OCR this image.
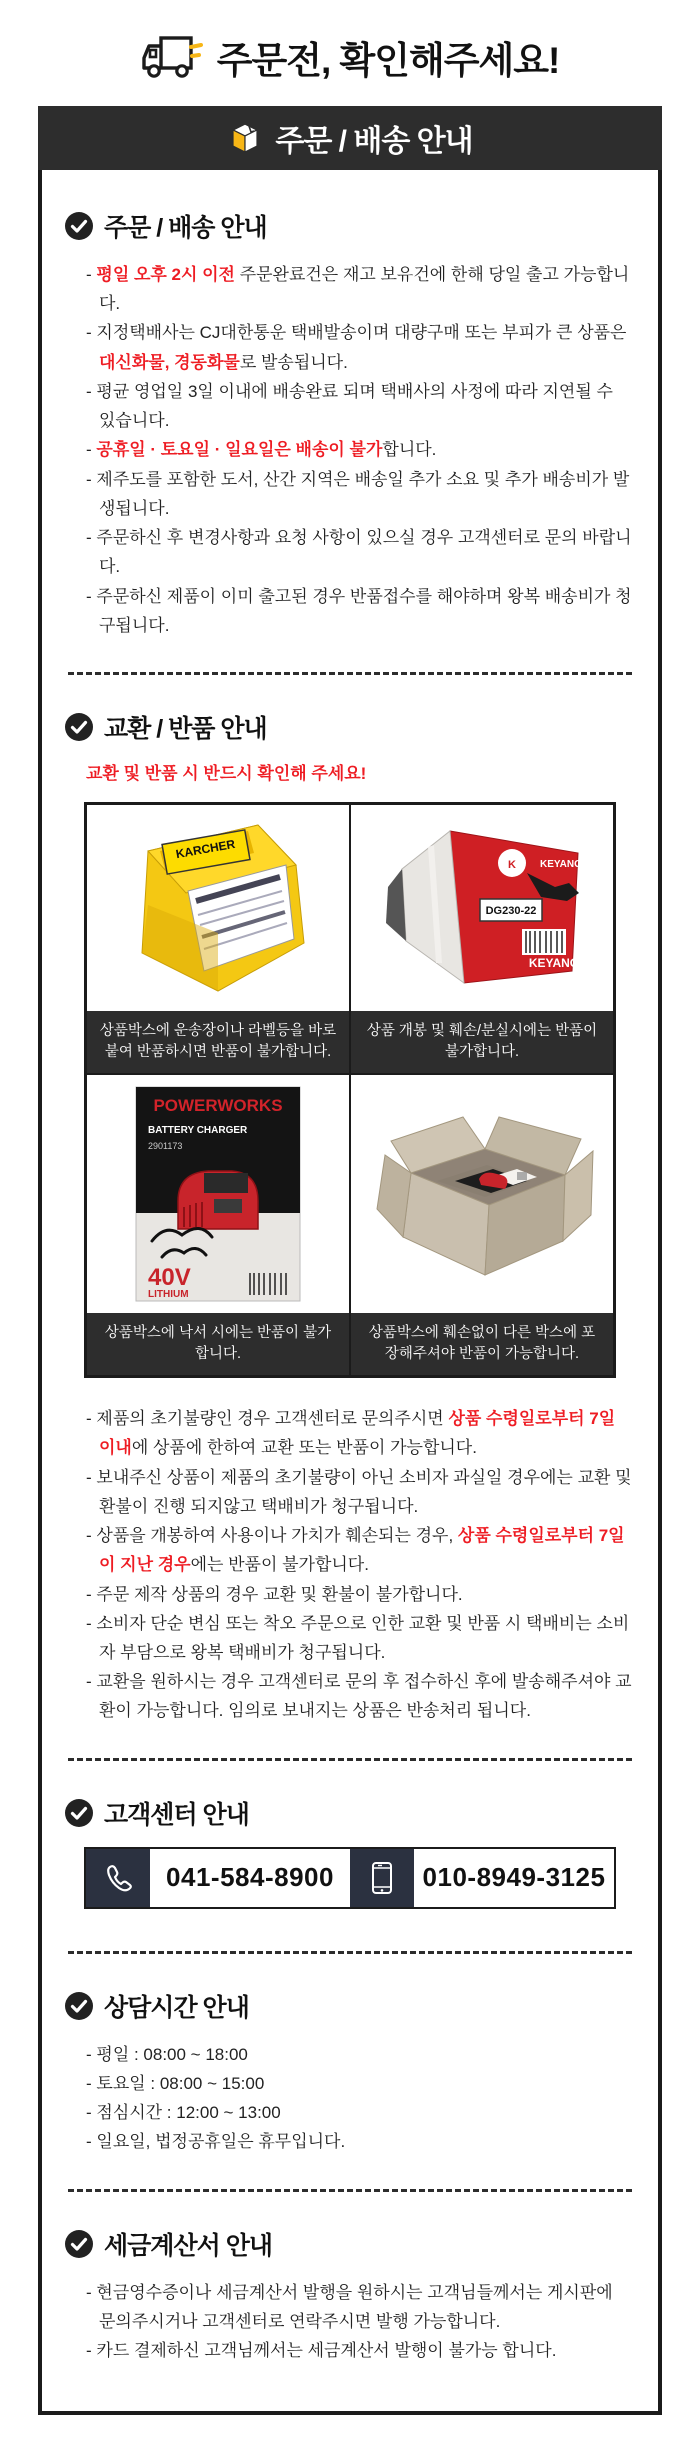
주문전, 확인해주세요!
주문 / 배송 안내
주문 / 배송 안내
- 평일 오후 2시 이전 주문완료건은 재고 보유건에 한해 당일 출고 가능합니다.
- 지정택배사는 CJ대한통운 택배발송이며 대량구매 또는 부피가 큰 상품은 대신화물, 경동화물로 발송됩니다.
- 평균 영업일 3일 이내에 배송완료 되며 택배사의 사정에 따라 지연될 수 있습니다.
- 공휴일 · 토요일 · 일요일은 배송이 불가합니다.
- 제주도를 포함한 도서, 산간 지역은 배송일 추가 소요 및 추가 배송비가 발생됩니다.
- 주문하신 후 변경사항과 요청 사항이 있으실 경우 고객센터로 문의 바랍니다.
- 주문하신 제품이 이미 출고된 경우 반품접수를 해야하며 왕복 배송비가 청구됩니다.
교환 / 반품 안내
교환 및 반품 시 반드시 확인해 주세요!
KARCHER
상품박스에 운송장이나 라벨등을 바로 붙여 반품하시면 반품이 불가합니다.
K KEYANG
DG230-22
KEYANG
상품 개봉 및 훼손/분실시에는 반품이 불가합니다.
POWERWORKS
BATTERY CHARGER
2901173
40V
LITHIUM
상품박스에 낙서 시에는 반품이 불가합니다.
상품박스에 훼손없이 다른 박스에 포장해주셔야 반품이 가능합니다.
- 제품의 초기불량인 경우 고객센터로 문의주시면 상품 수령일로부터 7일 이내에 상품에 한하여 교환 또는 반품이 가능합니다.
- 보내주신 상품이 제품의 초기불량이 아닌 소비자 과실일 경우에는 교환 및 환불이 진행 되지않고 택배비가 청구됩니다.
- 상품을 개봉하여 사용이나 가치가 훼손되는 경우, 상품 수령일로부터 7일이 지난 경우에는 반품이 불가합니다.
- 주문 제작 상품의 경우 교환 및 환불이 불가합니다.
- 소비자 단순 변심 또는 착오 주문으로 인한 교환 및 반품 시 택배비는 소비자 부담으로 왕복 택배비가 청구됩니다.
- 교환을 원하시는 경우 고객센터로 문의 후 접수하신 후에 발송해주셔야 교환이 가능합니다. 임의로 보내지는 상품은 반송처리 됩니다.
고객센터 안내
041-584-8900	010-8949-3125
상담시간 안내
- 평일 : 08:00 ~ 18:00
- 토요일 : 08:00 ~ 15:00
- 점심시간 : 12:00 ~ 13:00
- 일요일, 법정공휴일은 휴무입니다.
세금계산서 안내
- 현금영수증이나 세금계산서 발행을 원하시는 고객님들께서는 게시판에 문의주시거나 고객센터로 연락주시면 발행 가능합니다.
- 카드 결제하신 고객님께서는 세금계산서 발행이 불가능 합니다.
